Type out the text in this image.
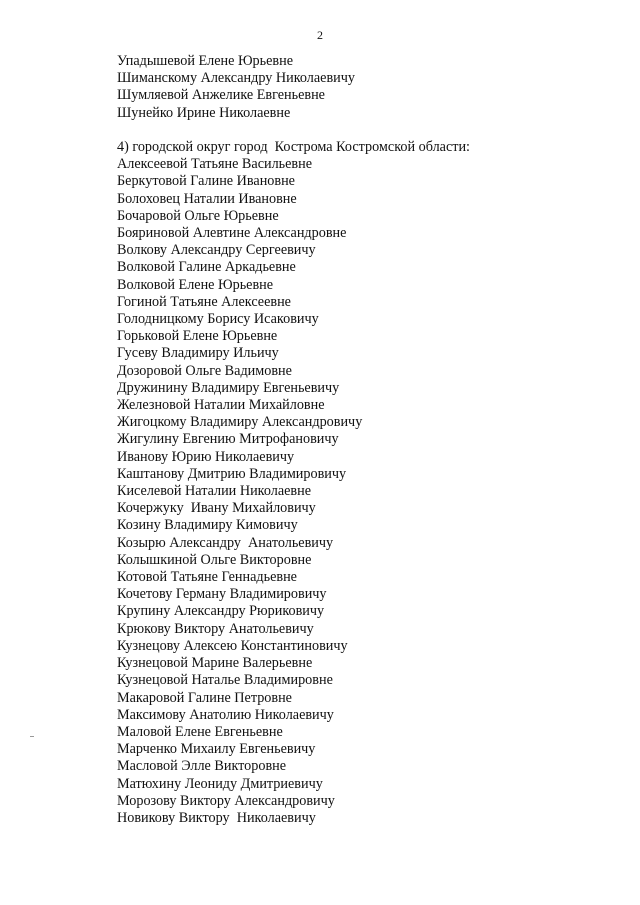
2
Упадышевой Елене Юрьевне
Шиманскому Александру Николаевичу
Шумляевой Анжелике Евгеньевне
Шунейко Ирине Николаевне

4) городской округ город  Кострома Костромской области:

Алексеевой Татьяне Васильевне
Беркутовой Галине Ивановне
Болоховец Наталии Ивановне
Бочаровой Ольге Юрьевне
Бояриновой Алевтине Александровне
Волкову Александру Сергеевичу
Волковой Галине Аркадьевне
Волковой Елене Юрьевне
Гогиной Татьяне Алексеевне
Голодницкому Борису Исаковичу
Горьковой Елене Юрьевне
Гусеву Владимиру Ильичу
Дозоровой Ольге Вадимовне
Дружинину Владимиру Евгеньевичу
Железновой Наталии Михайловне
Жигоцкому Владимиру Александровичу
Жигулину Евгению Митрофановичу
Иванову Юрию Николаевичу
Каштанову Дмитрию Владимировичу
Киселевой Наталии Николаевне
Кочержуку  Ивану Михайловичу
Козину Владимиру Кимовичу
Козырю Александру  Анатольевичу
Колышкиной Ольге Викторовне
Котовой Татьяне Геннадьевне
Кочетову Герману Владимировичу
Крупину Александру Рюриковичу
Крюкову Виктору Анатольевичу
Кузнецову Алексею Константиновичу
Кузнецовой Марине Валерьевне
Кузнецовой Наталье Владимировне
Макаровой Галине Петровне
Максимову Анатолию Николаевичу
Маловой Елене Евгеньевне
Марченко Михаилу Евгеньевичу
Масловой Элле Викторовне
Матюхину Леониду Дмитриевичу
Морозову Виктору Александровичу
Новикову Виктору  Николаевичу
